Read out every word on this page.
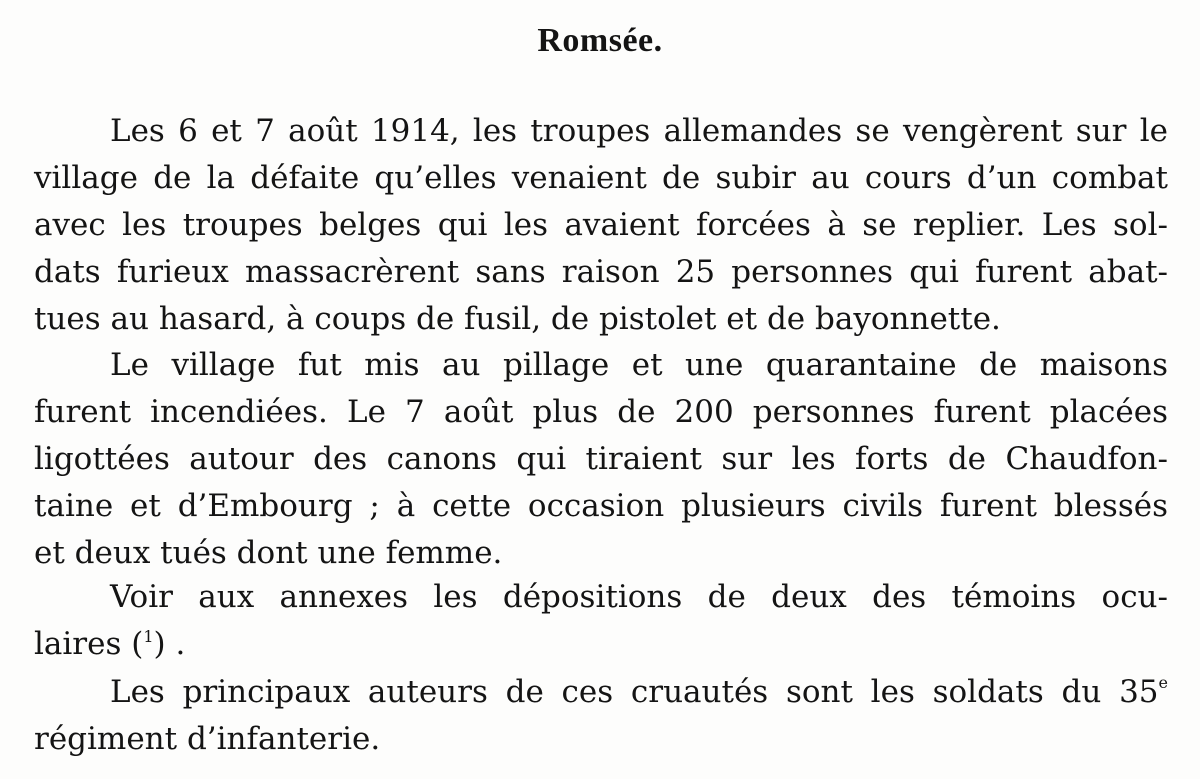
Romsée.
Les 6 et 7 août 1914, les troupes allemandes se vengèrent sur le
village de la défaite qu’elles venaient de subir au cours d’un combat
avec les troupes belges qui les avaient forcées à se replier. Les sol-
dats furieux massacrèrent sans raison 25 personnes qui furent abat-
tues au hasard, à coups de fusil, de pistolet et de bayonnette.
Le village fut mis au pillage et une quarantaine de maisons
furent incendiées. Le 7 août plus de 200 personnes furent placées
ligottées autour des canons qui tiraient sur les forts de Chaudfon-
taine et d’Embourg ; à cette occasion plusieurs civils furent blessés
et deux tués dont une femme.
Voir aux annexes les dépositions de deux des témoins ocu-
laires ($^1$) .
Les principaux auteurs de ces cruautés sont les soldats du 35e
régiment d’infanterie.
